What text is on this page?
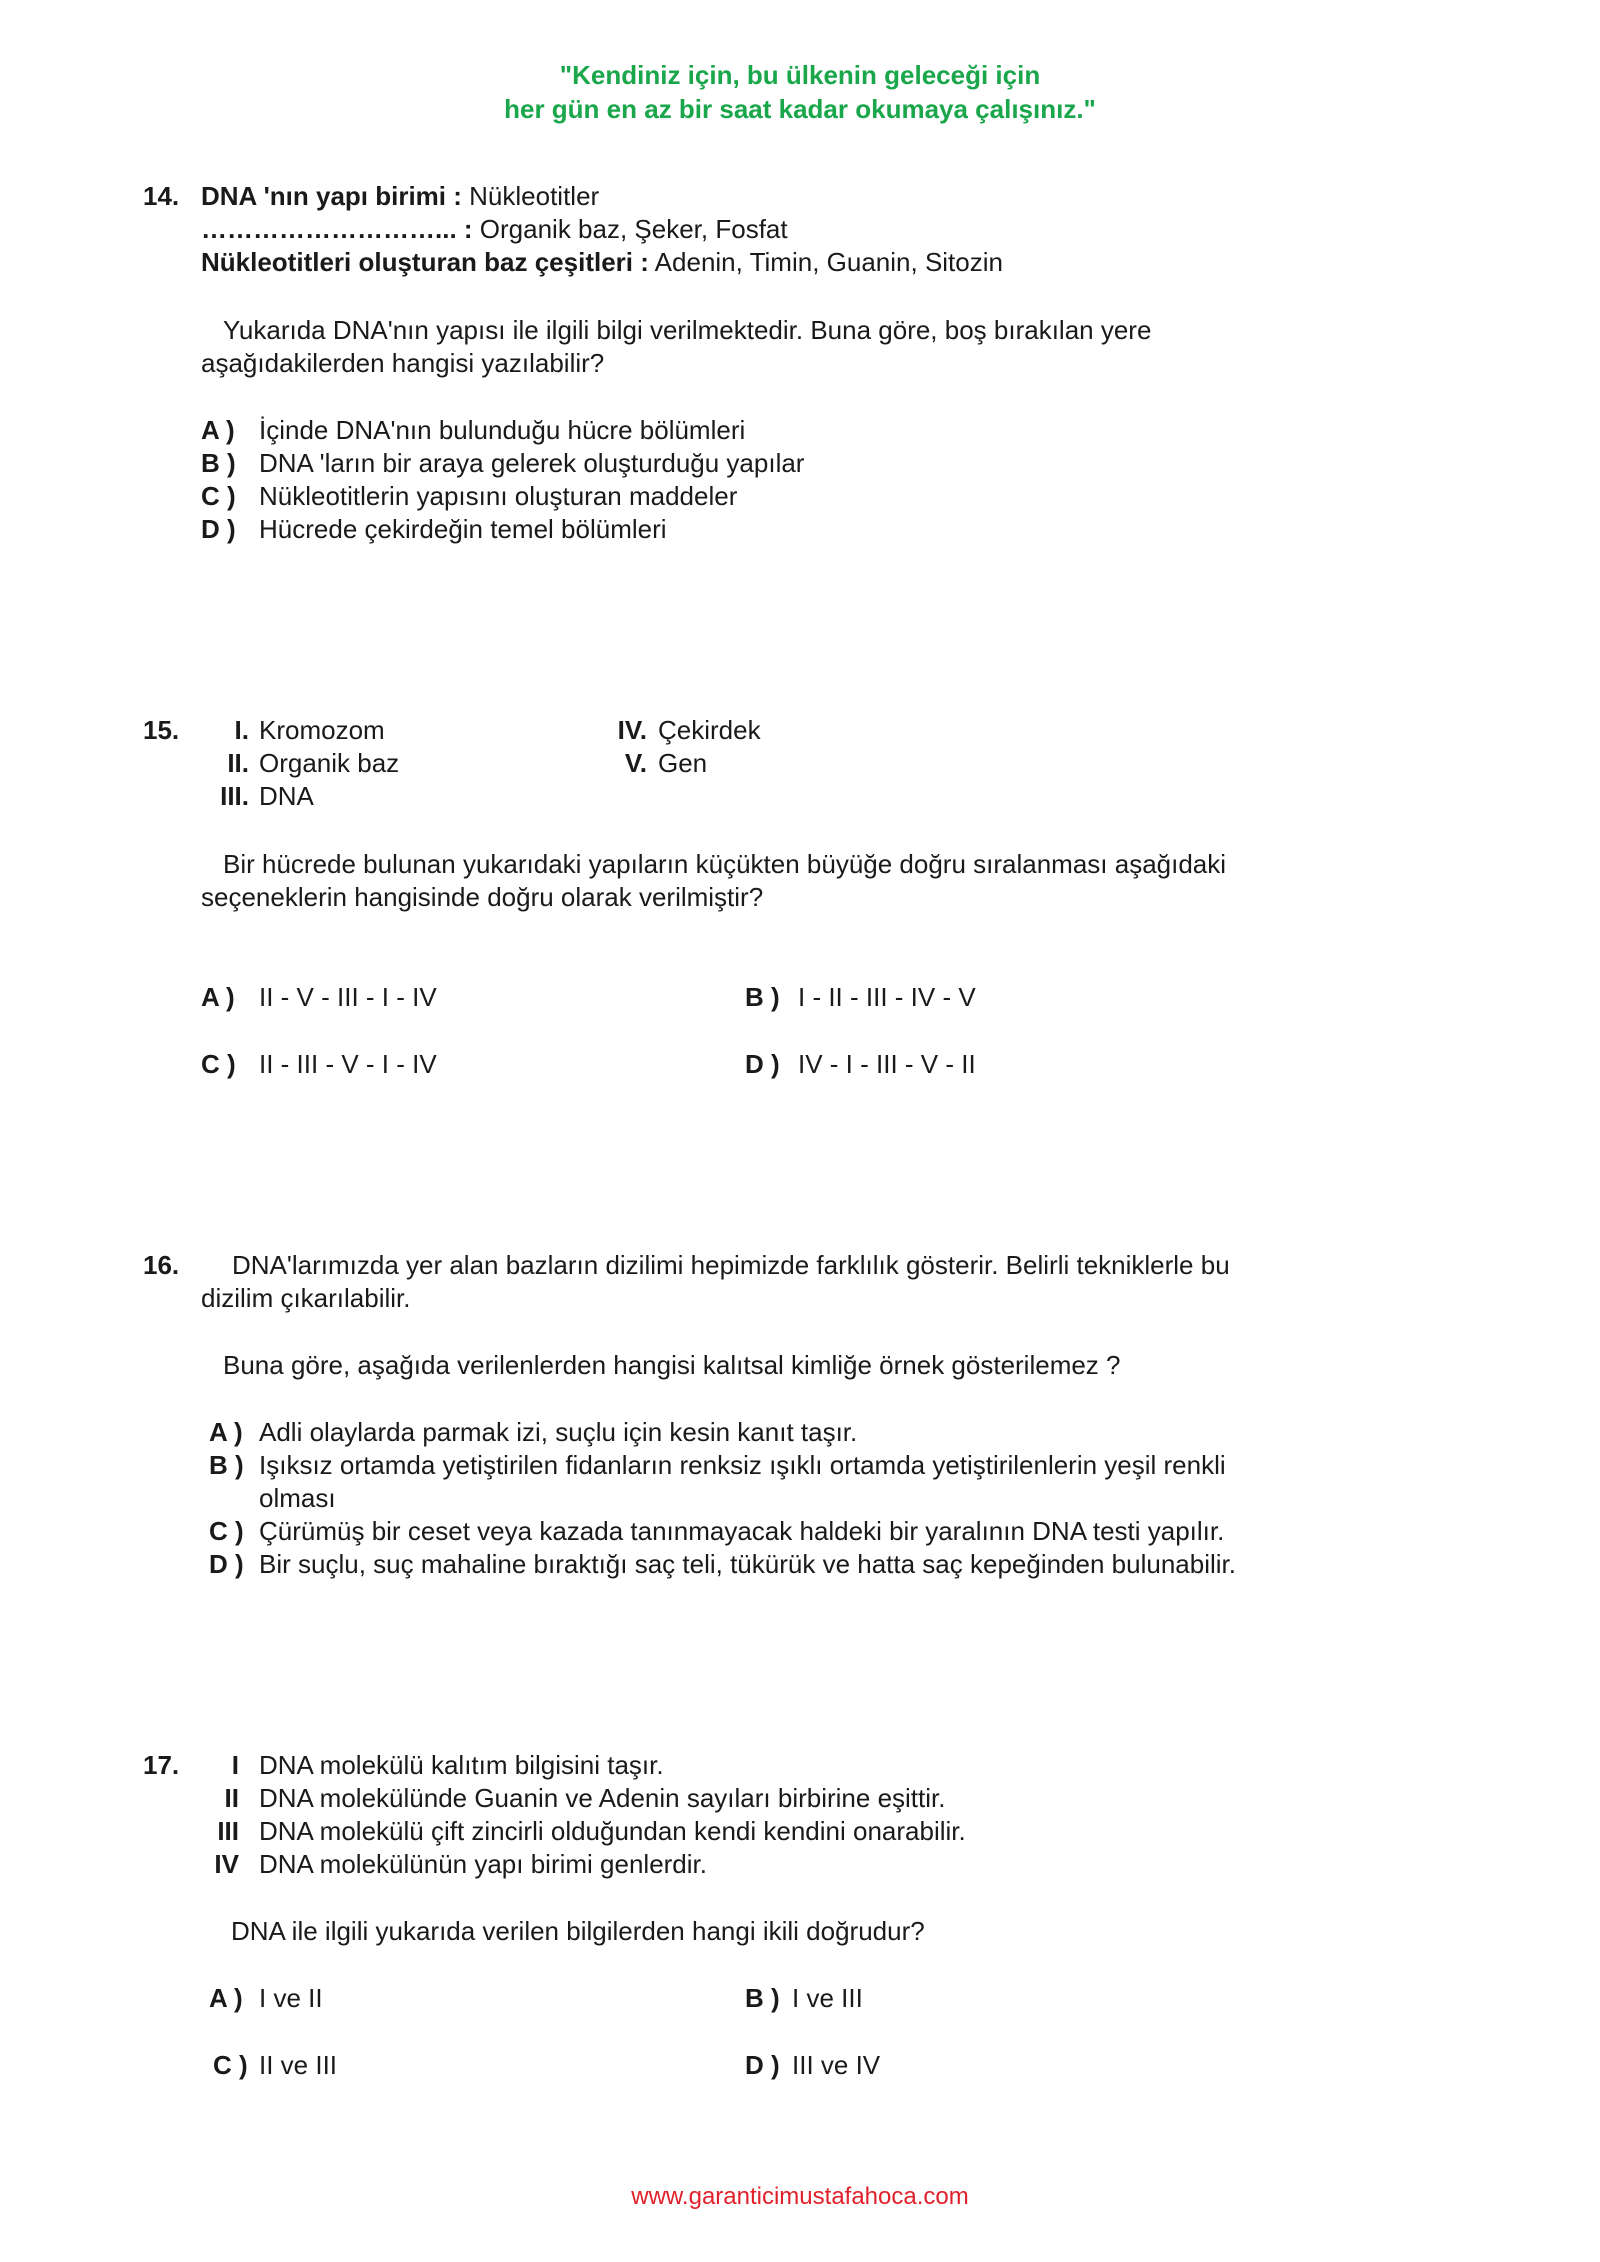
"Kendiniz için, bu ülkenin geleceği için
her gün en az bir saat kadar okumaya çalışınız."
14. DNA 'nın yapı birimi : Nükleotitler
………………………... : Organik baz, Şeker, Fosfat
Nükleotitleri oluşturan baz çeşitleri : Adenin, Timin, Guanin, Sitozin
Yukarıda DNA'nın yapısı ile ilgili bilgi verilmektedir. Buna göre, boş bırakılan yere
aşağıdakilerden hangisi yazılabilir?
A ) İçinde DNA'nın bulunduğu hücre bölümleri
B ) DNA 'ların bir araya gelerek oluşturduğu yapılar
C ) Nükleotitlerin yapısını oluşturan maddeler
D ) Hücrede çekirdeğin temel bölümleri
15. I. Kromozom
II. Organik baz
III. DNA
IV. Çekirdek
V. Gen
Bir hücrede bulunan yukarıdaki yapıların küçükten büyüğe doğru sıralanması aşağıdaki
seçeneklerin hangisinde doğru olarak verilmiştir?
A ) II - V - III - I - IV	B ) I - II - III - IV - V
C ) II - III - V - I - IV	D ) IV - I - III - V - II
16. DNA'larımızda yer alan bazların dizilimi hepimizde farklılık gösterir. Belirli tekniklerle bu
dizilim çıkarılabilir.
Buna göre, aşağıda verilenlerden hangisi kalıtsal kimliğe örnek gösterilemez ?
A ) Adli olaylarda parmak izi, suçlu için kesin kanıt taşır.
B ) Işıksız ortamda yetiştirilen fidanların renksiz ışıklı ortamda yetiştirilenlerin yeşil renkli
olması
C ) Çürümüş bir ceset veya kazada tanınmayacak haldeki bir yaralının DNA testi yapılır.
D ) Bir suçlu, suç mahaline bıraktığı saç teli, tükürük ve hatta saç kepeğinden bulunabilir.
17. I DNA molekülü kalıtım bilgisini taşır.
II DNA molekülünde Guanin ve Adenin sayıları birbirine eşittir.
III DNA molekülü çift zincirli olduğundan kendi kendini onarabilir.
IV DNA molekülünün yapı birimi genlerdir.
DNA ile ilgili yukarıda verilen bilgilerden hangi ikili doğrudur?
A ) I ve II	B ) I ve III
C ) II ve III	D ) III ve IV
www.garanticimustafahoca.com
